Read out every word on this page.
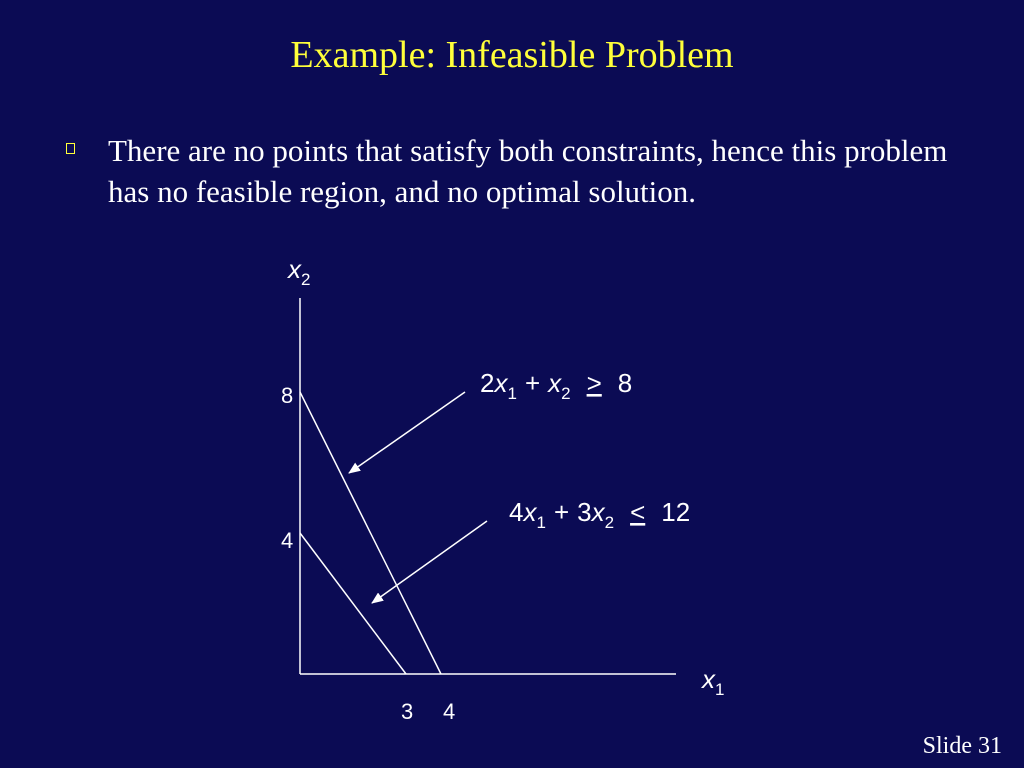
Example: Infeasible Problem
There are no points that satisfy both constraints, hence this problem has no feasible region, and no optimal solution.
$x_2$
$x_1$
8
4
3 4
$2x_1 + x_2 > 8$
$4x_1 + 3x_2 < 12$
Slide 31
